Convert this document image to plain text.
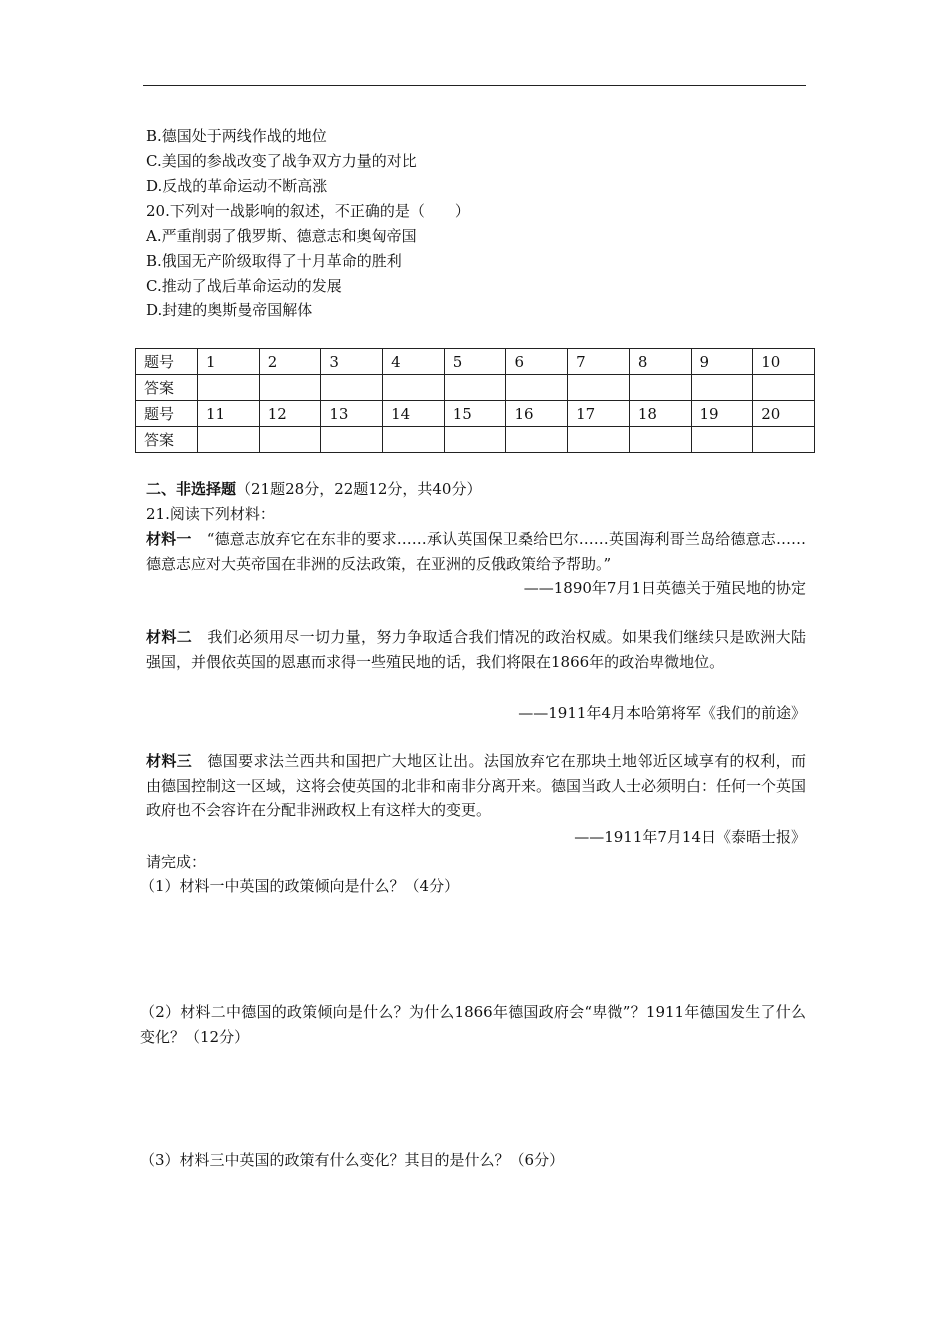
B.德国处于两线作战的地位
C.美国的参战改变了战争双方力量的对比
D.反战的革命运动不断高涨
20.下列对一战影响的叙述，不正确的是（　　）
A.严重削弱了俄罗斯、德意志和奥匈帝国
B.俄国无产阶级取得了十月革命的胜利
C.推动了战后革命运动的发展
D.封建的奥斯曼帝国解体
题号	1	2	3	4	5	6	7	8	9	10
答案										
题号	11	12	13	14	15	16	17	18	19	20
答案										
二、非选择题（21题28分，22题12分，共40分）
21.阅读下列材料：
材料一　“德意志放弃它在东非的要求……承认英国保卫桑给巴尔……英国海利哥兰岛给德意志……德意志应对大英帝国在非洲的反法政策，在亚洲的反俄政策给予帮助。”
——1890年7月1日英德关于殖民地的协定
材料二　我们必须用尽一切力量，努力争取适合我们情况的政治权威。如果我们继续只是欧洲大陆强国，并偎依英国的恩惠而求得一些殖民地的话，我们将限在1866年的政治卑微地位。
——1911年4月本哈第将军《我们的前途》
材料三　德国要求法兰西共和国把广大地区让出。法国放弃它在那块土地邻近区域享有的权利，而由德国控制这一区域，这将会使英国的北非和南非分离开来。德国当政人士必须明白：任何一个英国政府也不会容许在分配非洲政权上有这样大的变更。
——1911年7月14日《泰晤士报》
请完成：
（1）材料一中英国的政策倾向是什么？（4分）
（2）材料二中德国的政策倾向是什么？为什么1866年德国政府会“卑微”？1911年德国发生了什么变化？（12分）
（3）材料三中英国的政策有什么变化？其目的是什么？（6分）
